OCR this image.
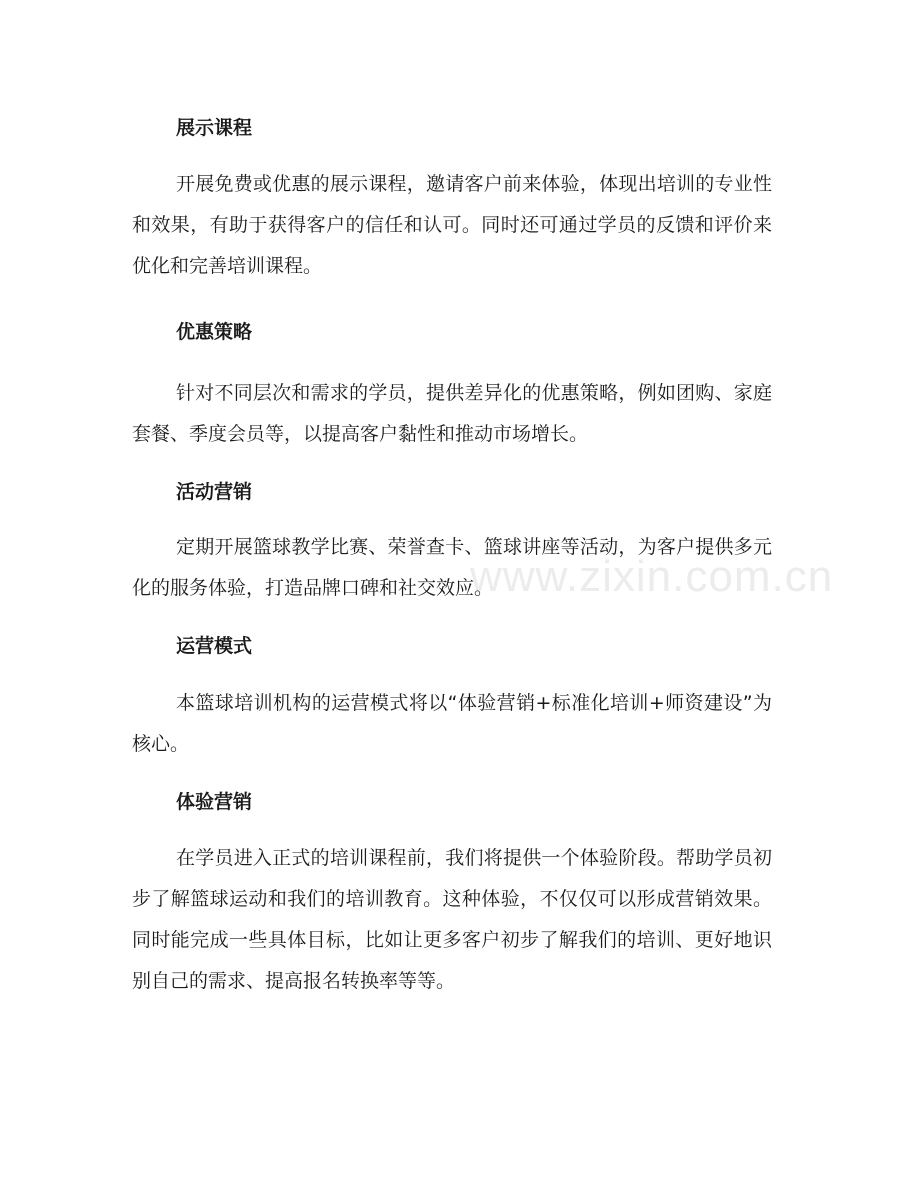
www.zixin.com.cn

展示课程

开展免费或优惠的展示课程，邀请客户前来体验，体现出培训的专业性和效果，有助于获得客户的信任和认可。同时还可通过学员的反馈和评价来优化和完善培训课程。

优惠策略

针对不同层次和需求的学员，提供差异化的优惠策略，例如团购、家庭套餐、季度会员等，以提高客户黏性和推动市场增长。

活动营销

定期开展篮球教学比赛、荣誉查卡、篮球讲座等活动，为客户提供多元化的服务体验，打造品牌口碑和社交效应。

运营模式

本篮球培训机构的运营模式将以“体验营销+标准化培训+师资建设”为核心。

体验营销

在学员进入正式的培训课程前，我们将提供一个体验阶段。帮助学员初步了解篮球运动和我们的培训教育。这种体验，不仅仅可以形成营销效果。同时能完成一些具体目标，比如让更多客户初步了解我们的培训、更好地识别自己的需求、提高报名转换率等等。
